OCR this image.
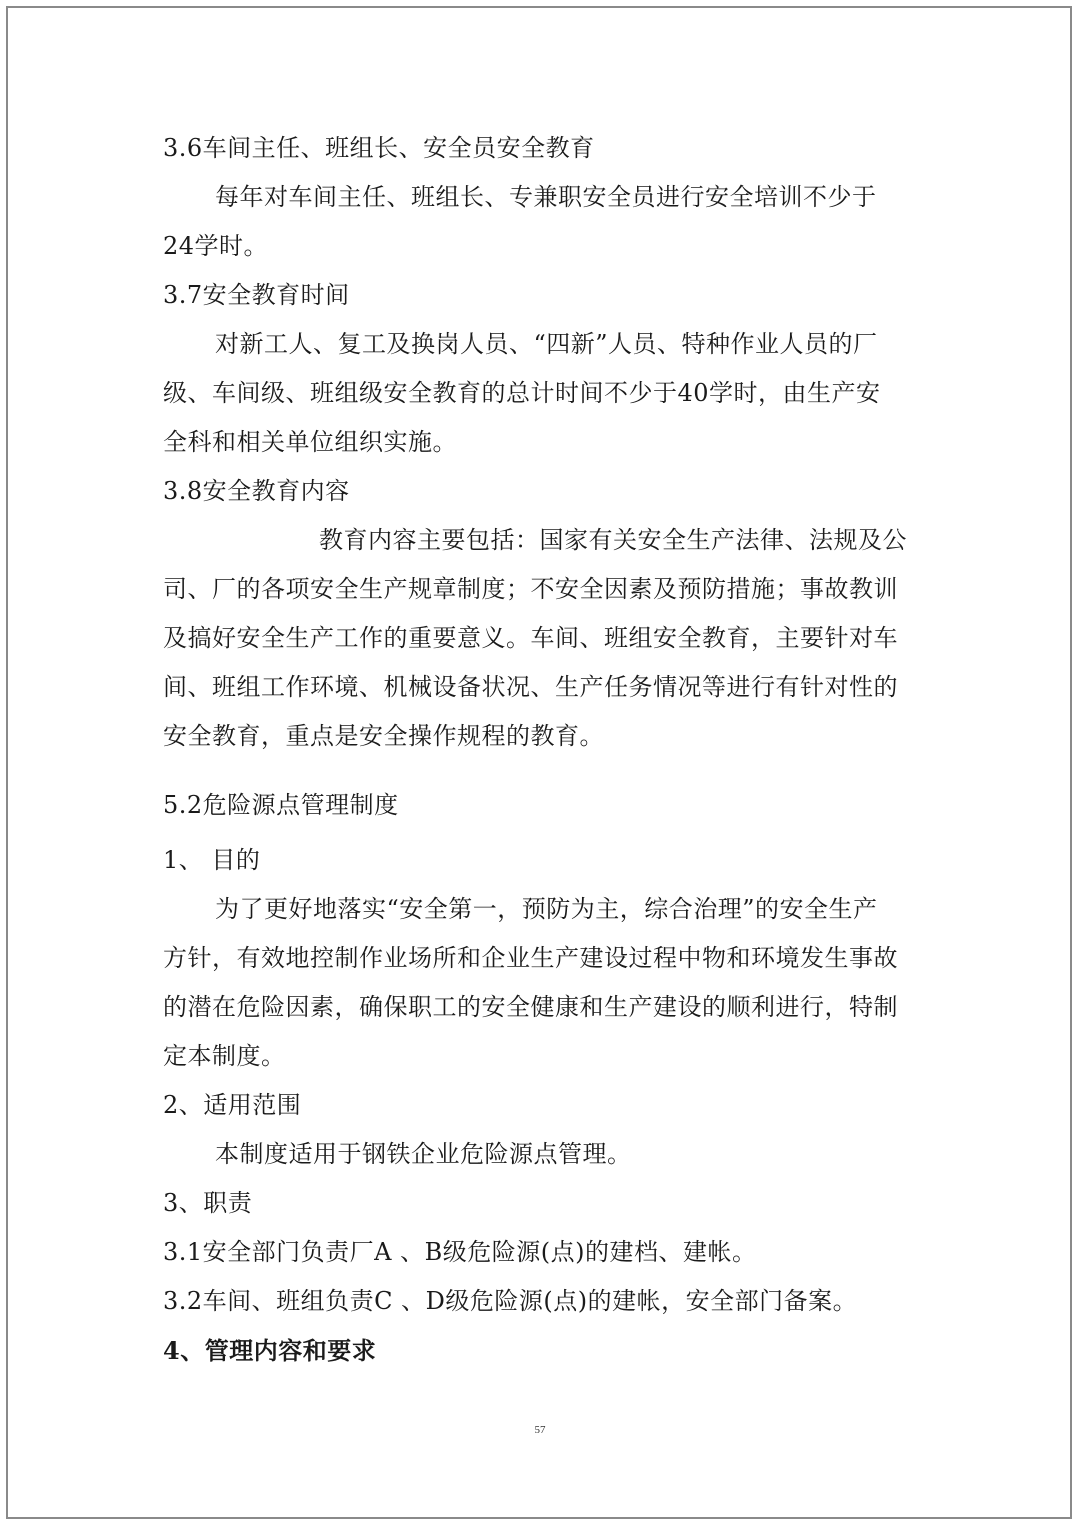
3.6车间主任、班组长、安全员安全教育
每年对车间主任、班组长、专兼职安全员进行安全培训不少于
24学时。
3.7安全教育时间
对新工人、复工及换岗人员、“四新”人员、特种作业人员的厂
级、车间级、班组级安全教育的总计时间不少于40学时，由生产安
全科和相关单位组织实施。
3.8安全教育内容
教育内容主要包括：国家有关安全生产法律、法规及公
司、厂的各项安全生产规章制度；不安全因素及预防措施；事故教训
及搞好安全生产工作的重要意义。车间、班组安全教育，主要针对车
间、班组工作环境、机械设备状况、生产任务情况等进行有针对性的
安全教育，重点是安全操作规程的教育。
5.2危险源点管理制度
1、 目的
为了更好地落实“安全第一，预防为主，综合治理”的安全生产
方针，有效地控制作业场所和企业生产建设过程中物和环境发生事故
的潜在危险因素，确保职工的安全健康和生产建设的顺利进行，特制
定本制度。
2、适用范围
本制度适用于钢铁企业危险源点管理。
3、职责
3.1安全部门负责厂A 、B级危险源(点)的建档、建帐。
3.2车间、班组负责C 、D级危险源(点)的建帐，安全部门备案。
4、管理内容和要求
57
